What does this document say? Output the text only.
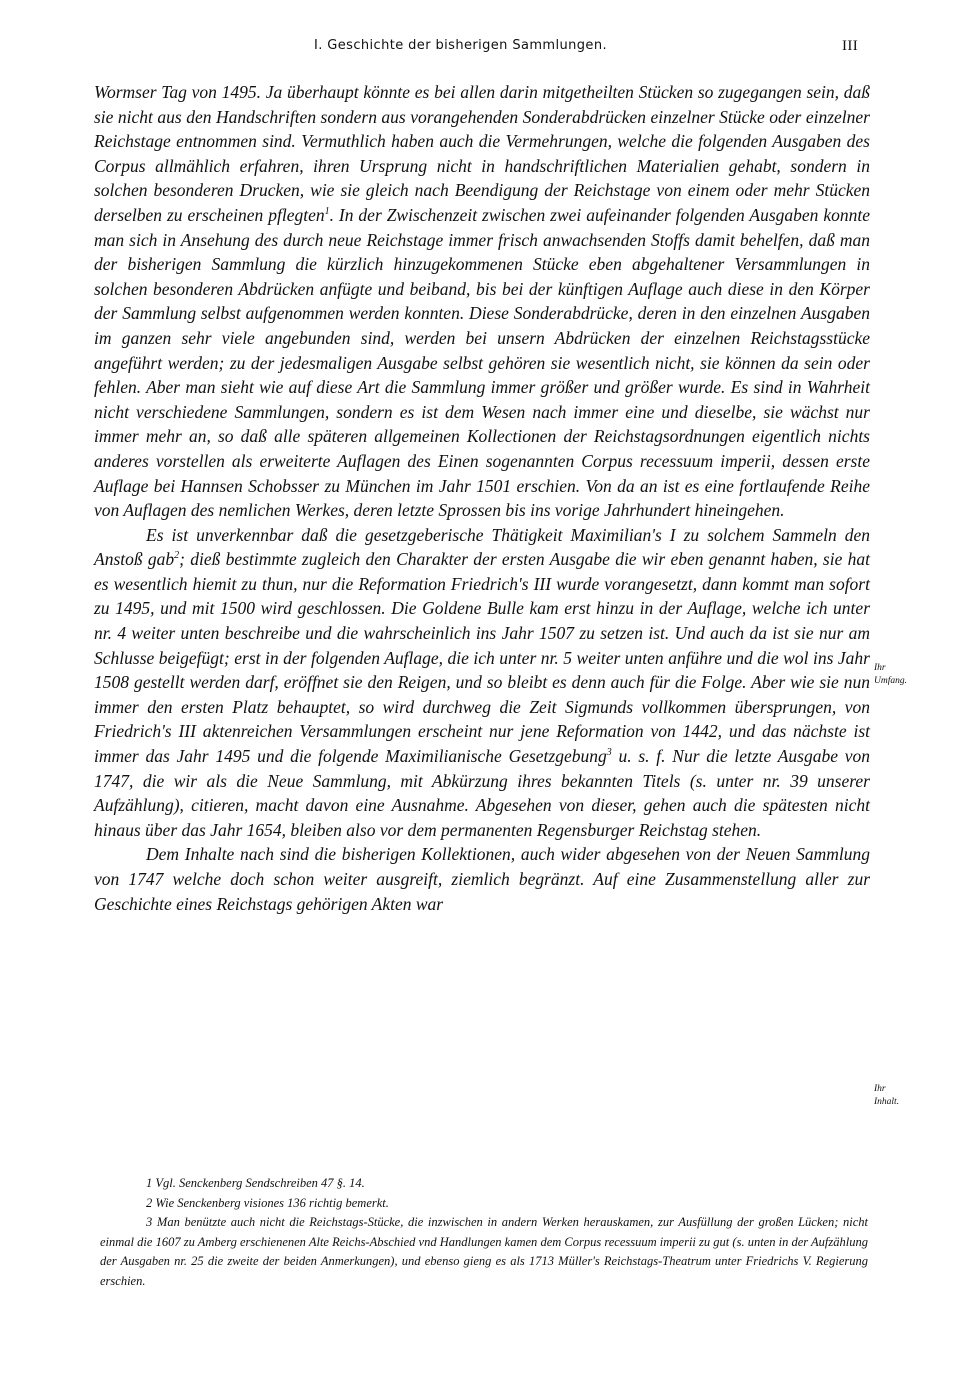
I. Geschichte der bisherigen Sammlungen.	III

Wormser Tag von 1495. Ja überhaupt könnte es bei allen darin mitgetheilten Stücken so zugegangen sein, daß sie nicht aus den Handschriften sondern aus vorangehenden Sonderabdrücken einzelner Stücke oder einzelner Reichstage entnommen sind. Vermuthlich haben auch die Vermehrungen, welche die folgenden Ausgaben des Corpus allmählich erfahren, ihren Ursprung nicht in handschriftlichen Materialien gehabt, sondern in solchen besonderen Drucken, wie sie gleich nach Beendigung der Reichstage von einem oder mehr Stücken derselben zu erscheinen pflegten$^1$. In der Zwischenzeit zwischen zwei aufeinander folgenden Ausgaben konnte man sich in Ansehung des durch neue Reichstage immer frisch anwachsenden Stoffs damit behelfen, daß man der bisherigen Sammlung die kürzlich hinzugekommenen Stücke eben abgehaltener Versammlungen in solchen besonderen Abdrücken anfügte und beiband, bis bei der künftigen Auflage auch diese in den Körper der Sammlung selbst aufgenommen werden konnten. Diese Sonderabdrücke, deren in den einzelnen Ausgaben im ganzen sehr viele angebunden sind, werden bei unsern Abdrücken der einzelnen Reichstagsstücke angeführt werden; zu der jedesmaligen Ausgabe selbst gehören sie wesentlich nicht, sie können da sein oder fehlen. Aber man sieht wie auf diese Art die Sammlung immer größer und größer wurde. Es sind in Wahrheit nicht verschiedene Sammlungen, sondern es ist dem Wesen nach immer eine und dieselbe, sie wächst nur immer mehr an, so daß alle späteren allgemeinen Kollectionen der Reichstagsordnungen eigentlich nichts anderes vorstellen als erweiterte Auflagen des Einen sogenannten Corpus recessuum imperii, dessen erste Auflage bei Hannsen Schobsser zu München im Jahr 1501 erschien. Von da an ist es eine fortlaufende Reihe von Auflagen des nemlichen Werkes, deren letzte Sprossen bis ins vorige Jahrhundert hineingehen.

Es ist unverkennbar daß die gesetzgeberische Thätigkeit Maximilian's I zu solchem Sammeln den Anstoß gab$^2$; dieß bestimmte zugleich den Charakter der ersten Ausgabe die wir eben genannt haben, sie hat es wesentlich hiemit zu thun, nur die Reformation Friedrich's III wurde vorangesetzt, dann kommt man sofort zu 1495, und mit 1500 wird geschlossen. Die Goldene Bulle kam erst hinzu in der Auflage, welche ich unter nr. 4 weiter unten beschreibe und die wahrscheinlich ins Jahr 1507 zu setzen ist. Und auch da ist sie nur am Schlusse beigefügt; erst in der folgenden Auflage, die ich unter nr. 5 weiter unten anführe und die wol ins Jahr 1508 gestellt werden darf, eröffnet sie den Reigen, und so bleibt es denn auch für die Folge. Aber wie sie nun immer den ersten Platz behauptet, so wird durchweg die Zeit Sigmunds vollkommen übersprungen, von Friedrich's III aktenreichen Versammlungen erscheint nur jene Reformation von 1442, und das nächste ist immer das Jahr 1495 und die folgende Maximilianische Gesetzgebung$^3$ u. s. f. Nur die letzte Ausgabe von 1747, die wir als die Neue Sammlung, mit Abkürzung ihres bekannten Titels (s. unter nr. 39 unserer Aufzählung), citieren, macht davon eine Ausnahme. Abgesehen von dieser, gehen auch die spätesten nicht hinaus über das Jahr 1654, bleiben also vor dem permanenten Regensburger Reichstag stehen.

Dem Inhalte nach sind die bisherigen Kollektionen, auch wider abgesehen von der Neuen Sammlung von 1747 welche doch schon weiter ausgreift, ziemlich begränzt. Auf eine Zusammenstellung aller zur Geschichte eines Reichstags gehörigen Akten war

Ihr
Umfang.
Ihr
Inhalt.

1 Vgl. Senckenberg Sendschreiben 47 §. 14.

2 Wie Senckenberg visiones 136 richtig bemerkt.

3 Man benützte auch nicht die Reichstags-Stücke, die inzwischen in andern Werken herauskamen, zur Ausfüllung der großen Lücken; nicht einmal die 1607 zu Amberg erschienenen Alte Reichs-Abschied vnd Handlungen kamen dem Corpus recessuum imperii zu gut (s. unten in der Aufzählung der Ausgaben nr. 25 die zweite der beiden Anmerkungen), und ebenso gieng es als 1713 Müller's Reichstags-Theatrum unter Friedrichs V. Regierung erschien.
